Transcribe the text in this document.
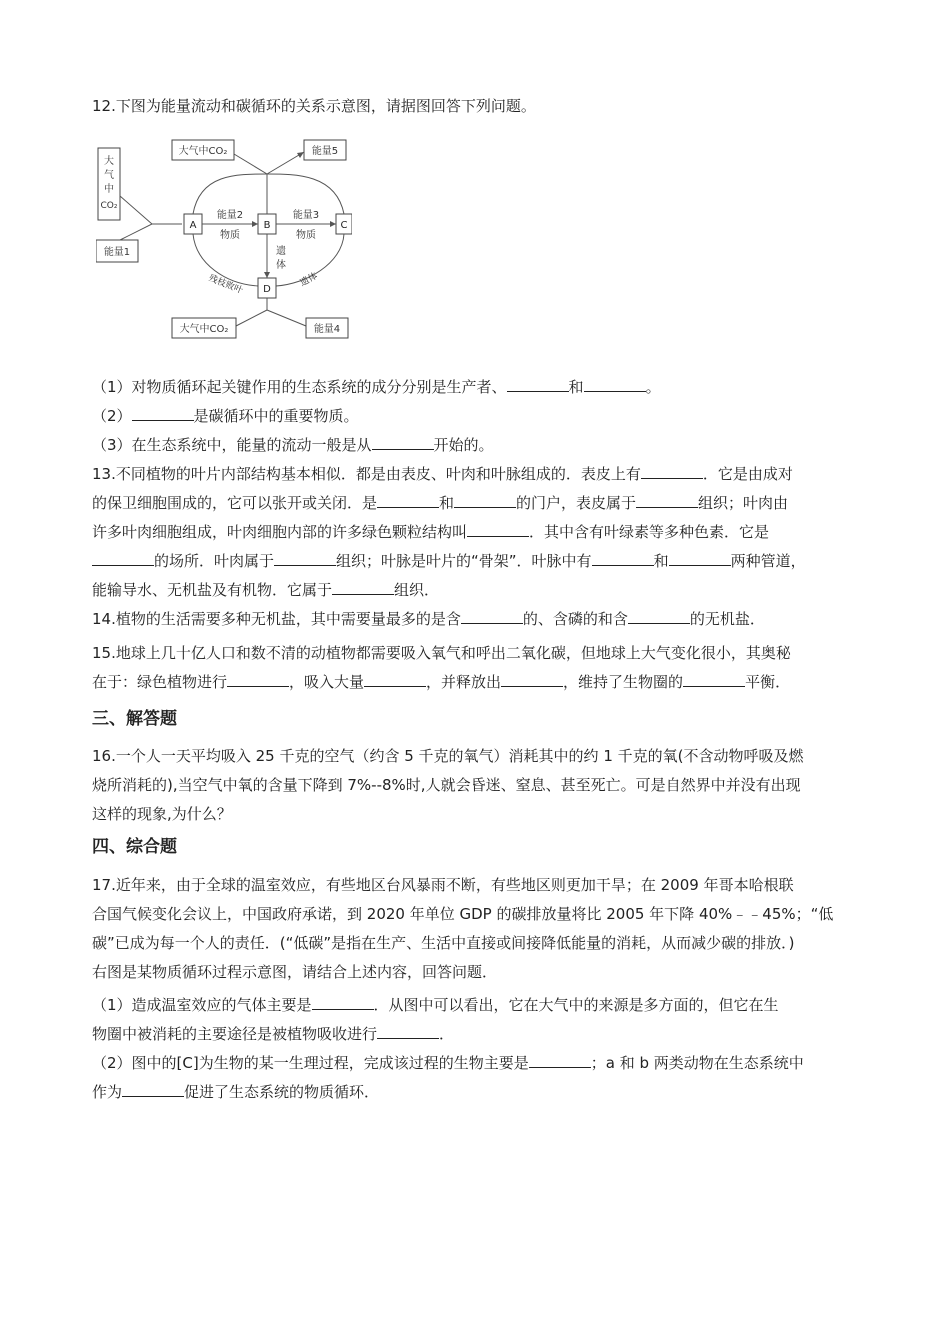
12.下图为能量流动和碳循环的关系示意图，请据图回答下列问题。
大气中CO₂	能量5
大
气
中
CO₂
能量1
A	B	C
能量2
物质
能量3
物质
遗
体
残枝败叶	遗体
D
大气中CO₂	能量4
（1）对物质循环起关键作用的生态系统的成分分别是生产者、	和	。
（2）	是碳循环中的重要物质。
（3）在生态系统中，能量的流动一般是从	开始的。
13.不同植物的叶片内部结构基本相似．都是由表皮、叶肉和叶脉组成的．表皮上有	．它是由成对
的保卫细胞围成的，它可以张开或关闭．是	和	的门户，表皮属于	组织；叶肉由
许多叶肉细胞组成，叶肉细胞内部的许多绿色颗粒结构叫	．其中含有叶绿素等多种色素．它是
的场所．叶肉属于	组织；叶脉是叶片的“骨架”．叶脉中有	和	两种管道，
能输导水、无机盐及有机物．它属于	组织．
14.植物的生活需要多种无机盐，其中需要量最多的是含	的、含磷的和含	的无机盐．
15.地球上几十亿人口和数不清的动植物都需要吸入氧气和呼出二氧化碳，但地球上大气变化很小，其奥秘
在于：绿色植物进行	，吸入大量	，并释放出	，维持了生物圈的	平衡．
三、解答题
16.一个人一天平均吸入 25 千克的空气（约含 5 千克的氧气）消耗其中的约 1 千克的氧(不含动物呼吸及燃
烧所消耗的),当空气中氧的含量下降到 7%--8%时,人就会昏迷、窒息、甚至死亡。可是自然界中并没有出现
这样的现象,为什么？
四、综合题
17.近年来，由于全球的温室效应，有些地区台风暴雨不断，有些地区则更加干旱；在 2009 年哥本哈根联
合国气候变化会议上，中国政府承诺，到 2020 年单位 GDP 的碳排放量将比 2005 年下降 40%﹣﹣45%；“低
碳”已成为每一个人的责任．(“低碳”是指在生产、生活中直接或间接降低能量的消耗，从而减少碳的排放．)
右图是某物质循环过程示意图，请结合上述内容，回答问题．
（1）造成温室效应的气体主要是	．从图中可以看出，它在大气中的来源是多方面的，但它在生
物圈中被消耗的主要途径是被植物吸收进行	．
（2）图中的[C]为生物的某一生理过程，完成该过程的生物主要是	；a 和 b 两类动物在生态系统中
作为	促进了生态系统的物质循环．
